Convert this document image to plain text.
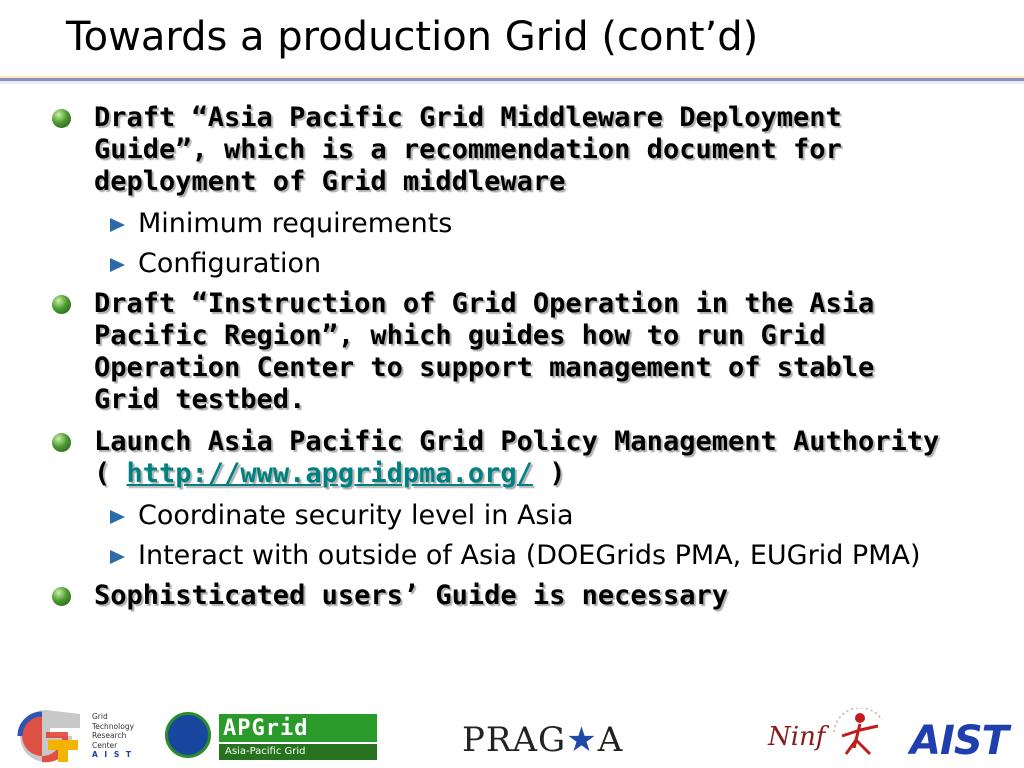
Towards a production Grid (cont’d)
Draft “Asia Pacific Grid Middleware Deployment Guide”, which is a recommendation document for deployment of Grid middleware
Minimum requirements
Configuration
Draft “Instruction of Grid Operation in the Asia Pacific Region”, which guides how to run Grid Operation Center to support management of stable Grid testbed.
Launch Asia Pacific Grid Policy Management Authority ( http://www.apgridpma.org/ )
Coordinate security level in Asia
Interact with outside of Asia (DOEGrids PMA, EUGrid PMA)
Sophisticated users’ Guide is necessary
Grid
Technology
Research
Center
A I S T
APGrid
Asia-Pacific Grid	PRAG★A	Ninf AIST
